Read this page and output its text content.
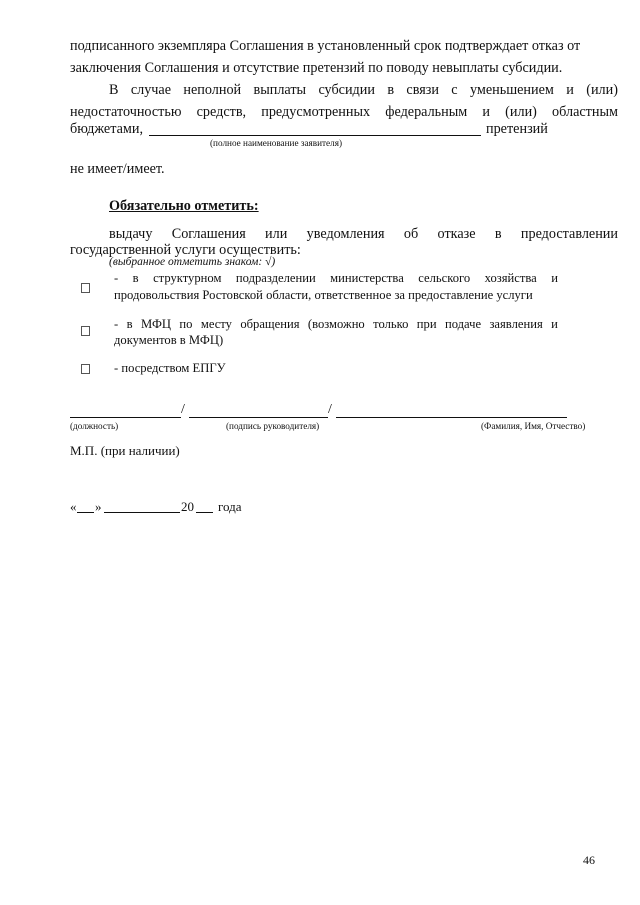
подписанного экземпляра Соглашения в установленный срок подтверждает отказ от
заключения Соглашения и отсутствие претензий по поводу невыплаты субсидии.
В случае неполной выплаты субсидии в связи с уменьшением и (или)
недостаточностью средств, предусмотренных федеральным и (или) областным
бюджетами,	претензий
(полное наименование заявителя)
не имеет/имеет.
Обязательно отметить:
выдачу Соглашения или уведомления об отказе в предоставлении
государственной услуги осуществить:
(выбранное отметить знаком: √)
- в структурном подразделении министерства сельского хозяйства и
продовольствия Ростовской области, ответственное за предоставление услуги
- в МФЦ по месту обращения (возможно только при подаче заявления и
документов в МФЦ)
- посредством ЕПГУ
/	/
(должность)	(подпись руководителя)	(Фамилия, Имя, Отчество)
М.П. (при наличии)
« »	20 года
46
